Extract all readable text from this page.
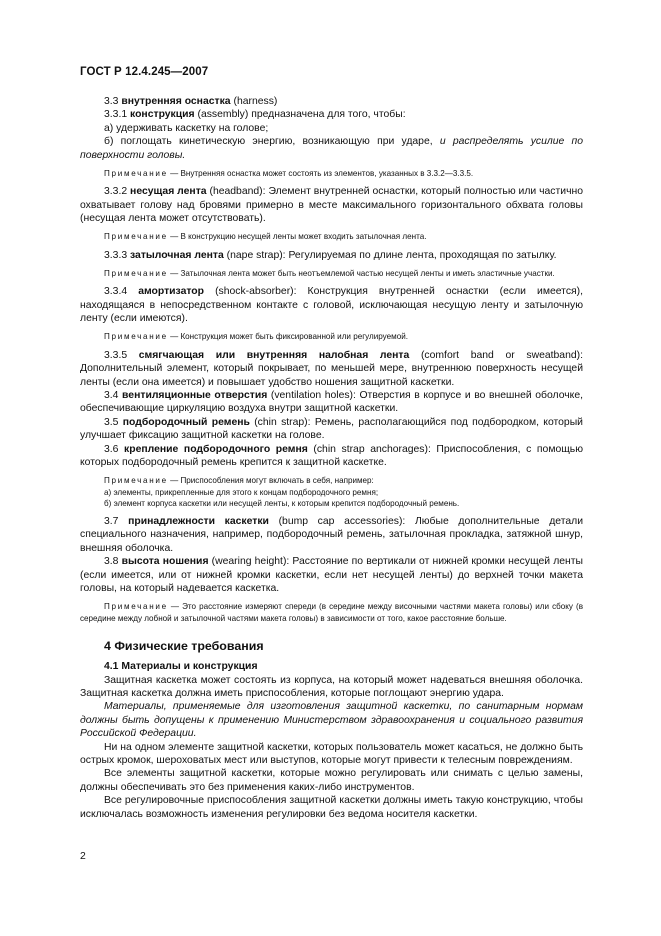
ГОСТ Р 12.4.245—2007

3.3 внутренняя оснастка (harness)

3.3.1 конструкция (assembly) предназначена для того, чтобы:

а) удерживать каскетку на голове;

б) поглощать кинетическую энергию, возникающую при ударе, и распределять усилие по поверхности головы.

Примечание — Внутренняя оснастка может состоять из элементов, указанных в 3.3.2—3.3.5.

3.3.2 несущая лента (headband): Элемент внутренней оснастки, который полностью или частично охватывает голову над бровями примерно в месте максимального горизонтального обхвата головы (несущая лента может отсутствовать).

Примечание — В конструкцию несущей ленты может входить затылочная лента.

3.3.3 затылочная лента (nape strap): Регулируемая по длине лента, проходящая по затылку.

Примечание — Затылочная лента может быть неотъемлемой частью несущей ленты и иметь эластичные участки.

3.3.4 амортизатор (shock-absorber): Конструкция внутренней оснастки (если имеется), находящаяся в непосредственном контакте с головой, исключающая несущую ленту и затылочную ленту (если имеются).

Примечание — Конструкция может быть фиксированной или регулируемой.

3.3.5 смягчающая или внутренняя налобная лента (comfort band or sweatband): Дополнительный элемент, который покрывает, по меньшей мере, внутреннюю поверхность несущей ленты (если она имеется) и повышает удобство ношения защитной каскетки.

3.4 вентиляционные отверстия (ventilation holes): Отверстия в корпусе и во внешней оболочке, обеспечивающие циркуляцию воздуха внутри защитной каскетки.

3.5 подбородочный ремень (chin strap): Ремень, располагающийся под подбородком, который улучшает фиксацию защитной каскетки на голове.

3.6 крепление подбородочного ремня (chin strap anchorages): Приспособления, с помощью которых подбородочный ремень крепится к защитной каскетке.

Примечание — Приспособления могут включать в себя, например:

а) элементы, прикрепленные для этого к концам подбородочного ремня;

б) элемент корпуса каскетки или несущей ленты, к которым крепится подбородочный ремень.

3.7 принадлежности каскетки (bump cap accessories): Любые дополнительные детали специального назначения, например, подбородочный ремень, затылочная прокладка, затяжной шнур, внешняя оболочка.

3.8 высота ношения (wearing height): Расстояние по вертикали от нижней кромки несущей ленты (если имеется, или от нижней кромки каскетки, если нет несущей ленты) до верхней точки макета головы, на который надевается каскетка.

Примечание — Это расстояние измеряют спереди (в середине между височными частями макета головы) или сбоку (в середине между лобной и затылочной частями макета головы) в зависимости от того, какое расстояние больше.

4 Физические требования

4.1 Материалы и конструкция

Защитная каскетка может состоять из корпуса, на который может надеваться внешняя оболочка. Защитная каскетка должна иметь приспособления, которые поглощают энергию удара.

Материалы, применяемые для изготовления защитной каскетки, по санитарным нормам должны быть допущены к применению Министерством здравоохранения и социального развития Российской Федерации.

Ни на одном элементе защитной каскетки, которых пользователь может касаться, не должно быть острых кромок, шероховатых мест или выступов, которые могут привести к телесным повреждениям.

Все элементы защитной каскетки, которые можно регулировать или снимать с целью замены, должны обеспечивать это без применения каких-либо инструментов.

Все регулировочные приспособления защитной каскетки должны иметь такую конструкцию, чтобы исключалась возможность изменения регулировки без ведома носителя каскетки.

2
